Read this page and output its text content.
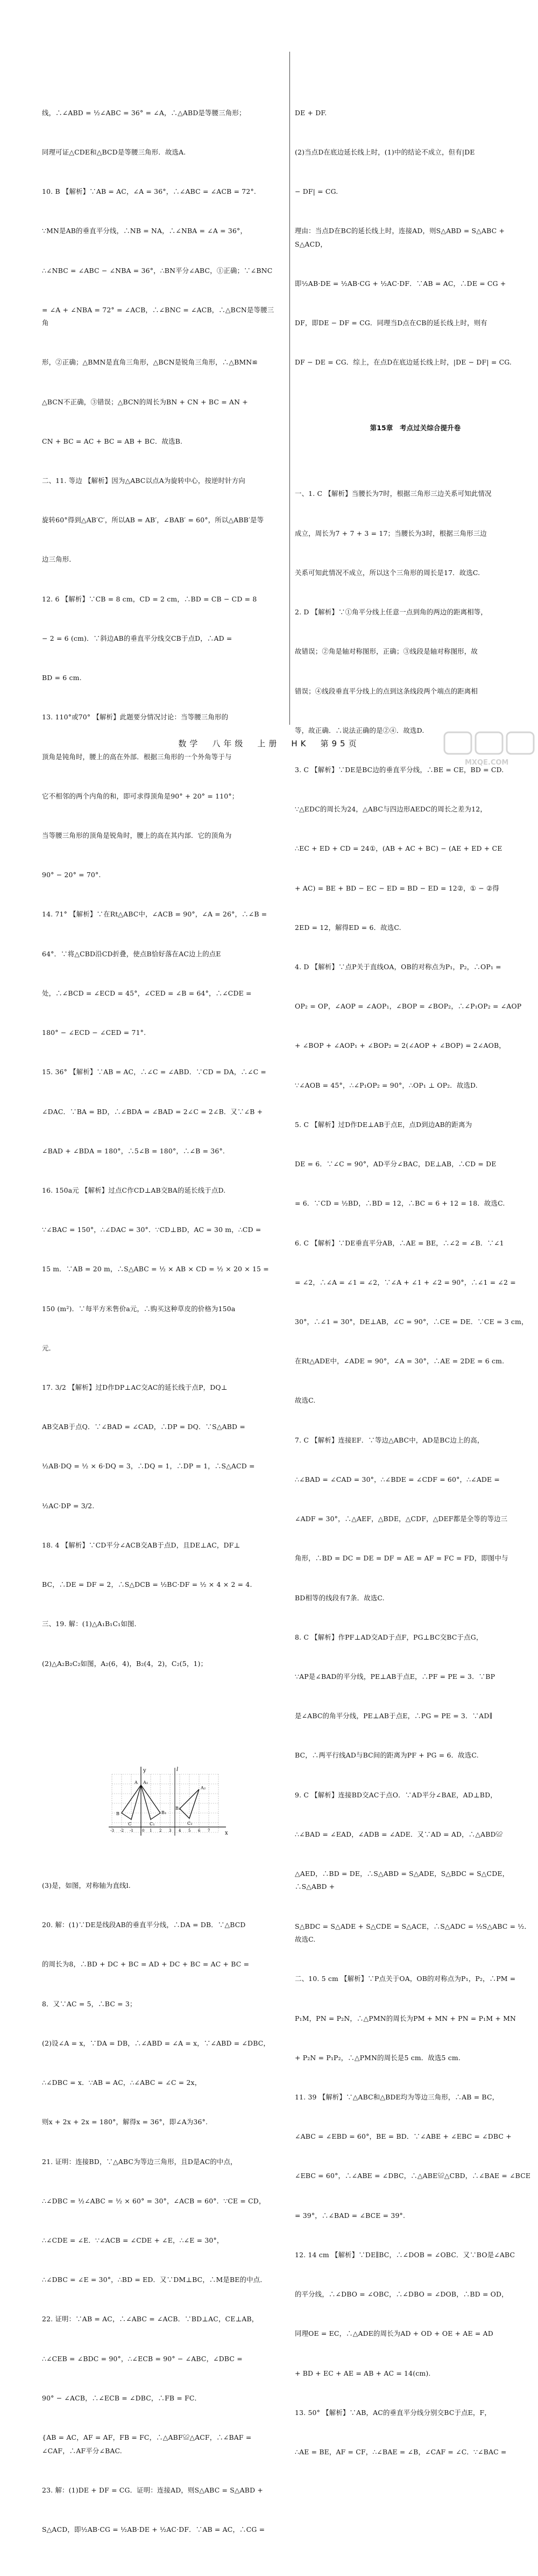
线，∴∠ABD = ½∠ABC = 36° = ∠A，∴△ABD是等腰三角形；

同理可证△CDE和△BCD是等腰三角形．故选A.

10. B 【解析】∵AB = AC，∠A = 36°，∴∠ABC = ∠ACB = 72°.

∵MN是AB的垂直平分线，∴NB = NA，∴∠NBA = ∠A = 36°，

∴∠NBC = ∠ABC − ∠NBA = 36°，∴BN平分∠ABC，①正确；∵∠BNC

= ∠A + ∠NBA = 72° = ∠ACB，∴∠BNC = ∠ACB，∴△BCN是等腰三角

形，②正确；△BMN是直角三角形，△BCN是锐角三角形，∴△BMN≌

△BCN不正确，③错误；△BCN的周长为BN + CN + BC = AN +

CN + BC = AC + BC = AB + BC．故选B.

二、11. 等边 【解析】因为△ABC以点A为旋转中心，按逆时针方向

旋转60°得到△AB′C′，所以AB = AB′，∠BAB′ = 60°，所以△ABB′是等

边三角形．

12. 6 【解析】∵CB = 8 cm，CD = 2 cm，∴BD = CB − CD = 8

− 2 = 6 (cm)．∵斜边AB的垂直平分线交CB于点D，∴AD =

BD = 6 cm.

13. 110°或70° 【解析】此题要分情况讨论：当等腰三角形的

顶角是钝角时，腰上的高在外部．根据三角形的一个外角等于与

它不相邻的两个内角的和，即可求得顶角是90° + 20° = 110°；

当等腰三角形的顶角是锐角时，腰上的高在其内部．它的顶角为

90° − 20° = 70°.

14. 71° 【解析】∵在Rt△ABC中，∠ACB = 90°，∠A = 26°，∴∠B =

64°．∵将△CBD沿CD折叠，使点B恰好落在AC边上的点E

处，∴∠BCD = ∠ECD = 45°，∠CED = ∠B = 64°，∴∠CDE =

180° − ∠ECD − ∠CED = 71°.

15. 36° 【解析】∵AB = AC，∴∠C = ∠ABD．∵CD = DA，∴∠C =

∠DAC．∵BA = BD，∴∠BDA = ∠BAD = 2∠C = 2∠B．又∵∠B +

∠BAD + ∠BDA = 180°，∴5∠B = 180°，∴∠B = 36°.

16. 150a元 【解析】过点C作CD⊥AB交BA的延长线于点D.

∵∠BAC = 150°，∴∠DAC = 30°．∵CD⊥BD，AC = 30 m，∴CD =

15 m．∵AB = 20 m，∴S△ABC = ½ × AB × CD = ½ × 20 × 15 =

150 (m²)．∵每平方米售价a元，∴购买这种草皮的价格为150a

元．

17. 3/2 【解析】过D作DP⊥AC交AC的延长线于点P，DQ⊥

AB交AB于点Q．∵∠BAD = ∠CAD，∴DP = DQ．∵S△ABD =

½AB·DQ = ½ × 6·DQ = 3，∴DQ = 1，∴DP = 1，∴S△ACD =

½AC·DP = 3/2.

18. 4 【解析】∵CD平分∠ACB交AB于点D，且DE⊥AC，DF⊥

BC，∴DE = DF = 2，∴S△DCB = ½BC·DF = ½ × 4 × 2 = 4.

三、19. 解：(1)△A₁B₁C₁如图．

(2)△A₂B₂C₂如图，A₂(6，4)，B₂(4，2)，C₂(5，1)；

y
x
l
A A₁
B	B₁
C	C₁
A₂
B₂
C₂
-3 -2 -1 0 1 2 3 4 5 6 7

(3)是，如图，对称轴为直线l.

20. 解：(1)∵DE是线段AB的垂直平分线，∴DA = DB．∵△BCD

的周长为8，∴BD + DC + BC = AD + DC + BC = AC + BC =

8．又∵AC = 5，∴BC = 3；

(2)设∠A = x，∵DA = DB，∴∠ABD = ∠A = x，∵∠ABD = ∠DBC，

∴∠DBC = x．∵AB = AC，∴∠ABC = ∠C = 2x，

则x + 2x + 2x = 180°，解得x = 36°，即∠A为36°.

21. 证明：连接BD，∵△ABC为等边三角形，且D是AC的中点，

∴∠DBC = ½∠ABC = ½ × 60° = 30°，∠ACB = 60°．∵CE = CD，

∴∠CDE = ∠E．∵∠ACB = ∠CDE + ∠E，∴∠E = 30°，

∴∠DBC = ∠E = 30°，∴BD = ED．又∵DM⊥BC，∴M是BE的中点．

22. 证明：∵AB = AC，∴∠ABC = ∠ACB．∵BD⊥AC，CE⊥AB，

∴∠CEB = ∠BDC = 90°，∴∠ECB = 90° − ∠ABC，∠DBC =

90° − ∠ACB，∴∠ECB = ∠DBC，∴FB = FC．

{AB = AC，AF = AF，FB = FC，∴△ABF≌△ACF，∴∠BAF = ∠CAF，∴AF平分∠BAC.

23. 解：(1)DE + DF = CG．证明：连接AD，则S△ABC = S△ABD +

S△ACD，即½AB·CG = ½AB·DE + ½AC·DF．∵AB = AC，∴CG =

DE + DF.

(2)当点D在底边延长线上时，(1)中的结论不成立，但有|DE

− DF| = CG.

理由：当点D在BC的延长线上时，连接AD，则S△ABD = S△ABC + S△ACD，

即½AB·DE = ½AB·CG + ½AC·DF．∵AB = AC，∴DE = CG +

DF，即DE − DF = CG．同理当D点在CB的延长线上时，则有

DF − DE = CG．综上，在点D在底边延长线上时，|DE − DF| = CG.

第15章　考点过关综合提升卷

一、1. C 【解析】当腰长为7时，根据三角形三边关系可知此情况

成立，周长为7 + 7 + 3 = 17；当腰长为3时，根据三角形三边

关系可知此情况不成立，所以这个三角形的周长是17．故选C.

2. D 【解析】∵①角平分线上任意一点到角的两边的距离相等，

故错误；②角是轴对称图形，正确；③线段是轴对称图形，故

错误；④线段垂直平分线上的点到这条线段两个端点的距离相

等，故正确．∴说法正确的是②④．故选D.

3. C 【解析】∵DE是BC边的垂直平分线，∴BE = CE，BD = CD.

∵△EDC的周长为24，△ABC与四边形AEDC的周长之差为12，

∴EC + ED + CD = 24①，(AB + AC + BC) − (AE + ED + CE

+ AC) = BE + BD − EC − ED = BD − ED = 12②，① − ②得

2ED = 12，解得ED = 6．故选C.

4. D 【解析】∵点P关于直线OA，OB的对称点为P₁，P₂，∴OP₁ =

OP₂ = OP，∠AOP = ∠AOP₁，∠BOP = ∠BOP₂，∴∠P₁OP₂ = ∠AOP

+ ∠BOP + ∠AOP₁ + ∠BOP₂ = 2(∠AOP + ∠BOP) = 2∠AOB，

∵∠AOB = 45°，∴∠P₁OP₂ = 90°，∴OP₁ ⊥ OP₂．故选D.

5. C 【解析】过D作DE⊥AB于点E，点D到边AB的距离为

DE = 6．∵∠C = 90°，AD平分∠BAC，DE⊥AB，∴CD = DE

= 6．∵CD = ½BD，∴BD = 12，∴BC = 6 + 12 = 18．故选C.

6. C 【解析】∵DE垂直平分AB，∴AE = BE，∴∠2 = ∠B．∵∠1

= ∠2，∴∠A = ∠1 = ∠2，∵∠A + ∠1 + ∠2 = 90°，∴∠1 = ∠2 =

30°，∴∠1 = 30°，DE⊥AB，∠C = 90°，∴CE = DE．∵CE = 3 cm，

在Rt△ADE中，∠ADE = 90°，∠A = 30°，∴AE = 2DE = 6 cm.

故选C.

7. C 【解析】连接EF．∵等边△ABC中，AD是BC边上的高，

∴∠BAD = ∠CAD = 30°，∴∠BDE = ∠CDF = 60°，∴∠ADE =

∠ADF = 30°，∴△AEF，△BDE，△CDF，△DEF都是全等的等边三

角形，∴BD = DC = DE = DF = AE = AF = FC = FD，即图中与

BD相等的线段有7条．故选C.

8. C 【解析】作PF⊥AD交AD于点F，PG⊥BC交BC于点G，

∵AP是∠BAD的平分线，PE⊥AB于点E，∴PF = PE = 3．∵BP

是∠ABC的角平分线，PE⊥AB于点E，∴PG = PE = 3．∵AD∥

BC，∴两平行线AD与BC间的距离为PF + PG = 6．故选C.

9. C 【解析】连接BD交AC于点O．∵AD平分∠BAE，AD⊥BD，

∴∠BAD = ∠EAD，∠ADB = ∠ADE．又∵AD = AD，∴△ABD≌

△AED，∴BD = DE，∴S△ABD = S△ADE，S△BDC = S△CDE，∴S△ABD +

S△BDC = S△ADE + S△CDE = S△ACE，∴S△ADC = ½S△ABC = ½．故选C.

二、10. 5 cm 【解析】∵P点关于OA，OB的对称点为P₁，P₂，∴PM =

P₁M，PN = P₂N，∴△PMN的周长为PM + MN + PN = P₁M + MN

+ P₂N = P₁P₂，∴△PMN的周长是5 cm．故选5 cm.

11. 39 【解析】∵△ABC和△BDE均为等边三角形，∴AB = BC，

∠ABC = ∠EBD = 60°，BE = BD．∵∠ABE + ∠EBC = ∠DBC +

∠EBC = 60°，∴∠ABE = ∠DBC，∴△ABE≌△CBD，∴∠BAE = ∠BCE

= 39°，∴∠BAD = ∠BCE = 39°.

12. 14 cm 【解析】∵DE∥BC，∴∠DOB = ∠OBC．又∵BO是∠ABC

的平分线，∴∠DBO = ∠OBC，∴∠DBO = ∠DOB，∴BD = OD，

同理OE = EC，∴△ADE的周长为AD + OD + OE + AE = AD

+ BD + EC + AE = AB + AC = 14(cm).

13. 50° 【解析】∵AB，AC的垂直平分线分别交BC于点E，F，

∴AE = BE，AF = CF，∴∠BAE = ∠B，∠CAF = ∠C．∵∠BAC =

数学　八年级　上册　HK　第95页
MXQE.COM
